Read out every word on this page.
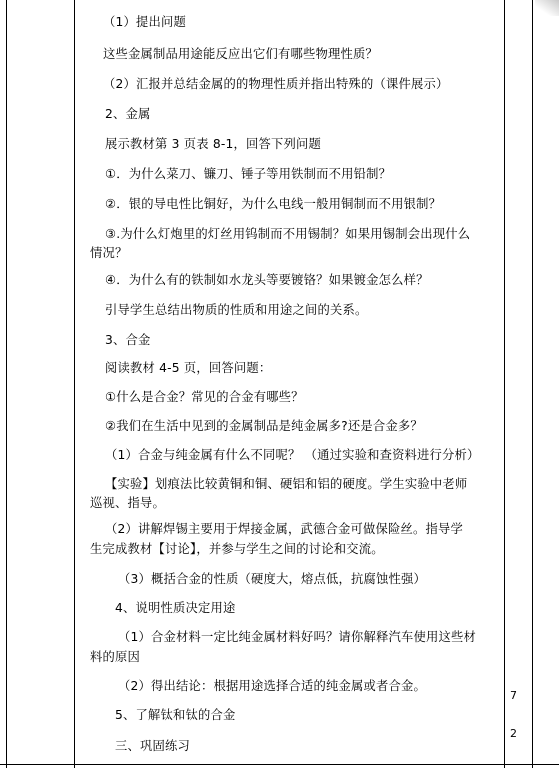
（1）提出问题
这些金属制品用途能反应出它们有哪些物理性质？
（2）汇报并总结金属的的物理性质并指出特殊的（课件展示）
2、金属
展示教材第 3 页表 8-1，回答下列问题
①．为什么菜刀、镰刀、锤子等用铁制而不用铅制？
②．银的导电性比铜好，为什么电线一般用铜制而不用银制？
③.为什么灯炮里的灯丝用钨制而不用锡制？如果用锡制会出现什么
情况？
④．为什么有的铁制如水龙头等要镀铬？如果镀金怎么样？
引导学生总结出物质的性质和用途之间的关系。
3、合金
阅读教材 4-5 页，回答问题：
①什么是合金？常见的合金有哪些？
②我们在生活中见到的金属制品是纯金属多?还是合金多？
（1）合金与纯金属有什么不同呢？ （通过实验和查资料进行分析）
【实验】划痕法比较黄铜和铜、硬铝和铝的硬度。学生实验中老师
巡视、指导。
（2）讲解焊锡主要用于焊接金属，武德合金可做保险丝。指导学
生完成教材【讨论】，并参与学生之间的讨论和交流。
（3）概括合金的性质（硬度大，熔点低，抗腐蚀性强）
4、说明性质决定用途
（1）合金材料一定比纯金属材料好吗？请你解释汽车使用这些材
料的原因
（2）得出结论：根据用途选择合适的纯金属或者合金。
5、了解钛和钛的合金
三、巩固练习
7
2
